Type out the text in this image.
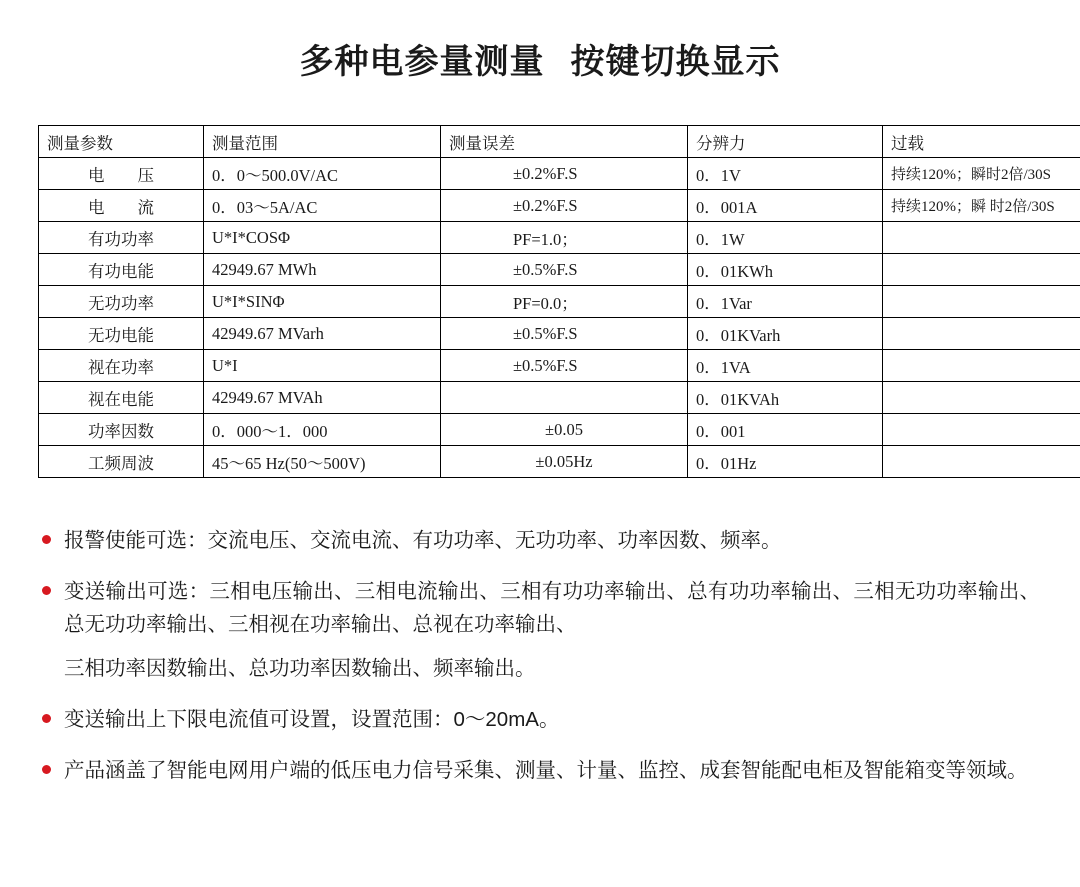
多种电参量测量 按键切换显示
测量参数	测量范围	测量误差	分辨力	过载
电　　压	0．0～500.0V/AC	±0.2%F.S	0．1V	持续120%；瞬时2倍/30S
电　　流	0．03～5A/AC	±0.2%F.S	0．001A	持续120%；瞬 时2倍/30S
有功功率	U*I*COSΦ	PF=1.0；	0．1W	
有功电能	42949.67 MWh	±0.5%F.S	0．01KWh	
无功功率	U*I*SINΦ	PF=0.0；	0．1Var	
无功电能	42949.67 MVarh	±0.5%F.S	0．01KVarh	
视在功率	U*I	±0.5%F.S	0．1VA	
视在电能	42949.67 MVAh		0．01KVAh	
功率因数	0．000～1．000	±0.05	0．001	
工频周波	45～65 Hz(50～500V)	±0.05Hz	0．01Hz	

报警使能可选：交流电压、交流电流、有功功率、无功功率、功率因数、频率。

变送输出可选：三相电压输出、三相电流输出、三相有功功率输出、总有功功率输出、三相无功功率输出、总无功功率输出、三相视在功率输出、总视在功率输出、

三相功率因数输出、总功功率因数输出、频率输出。

变送输出上下限电流值可设置，设置范围：0～20mA。

产品涵盖了智能电网用户端的低压电力信号采集、测量、计量、监控、成套智能配电柜及智能箱变等领域。
